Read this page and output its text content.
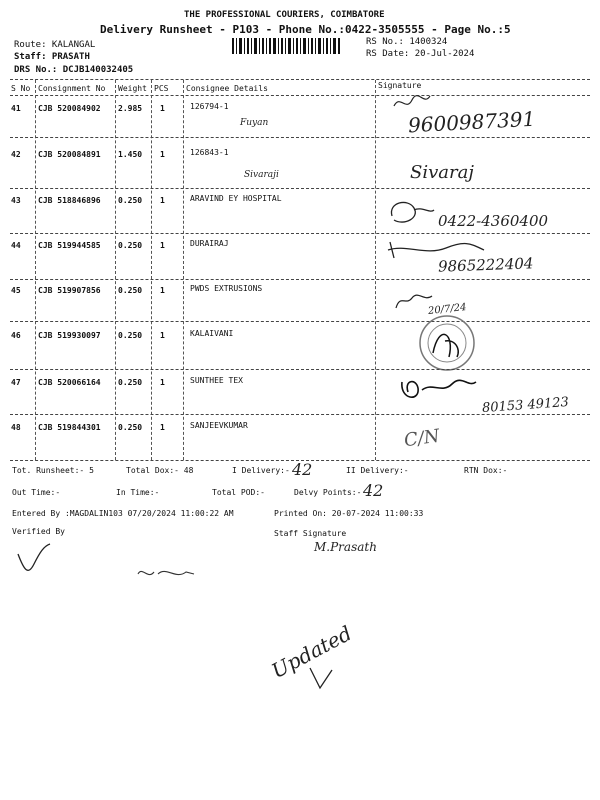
THE PROFESSIONAL COURIERS, COIMBATORE
Delivery Runsheet - P103 - Phone No.:0422-3505555 - Page No.:5
Route: KALANGAL
Staff: PRASATH
DRS No.: DCJB140032405
RS No.: 1400324
RS Date: 20-Jul-2024
S No Consignment No Weight PCS Consignee Details	Signature
41 CJB 520084902 2.985 1	126794-1
Fuyan	9600987391
42 CJB 520084891 1.450 1	126843-1
Sivaraji	Sivaraj
43 CJB 518846896 0.250 1	ARAVIND EY HOSPITAL
0422-4360400
44 CJB 519944585 0.250 1	DURAIRAJ
9865222404
45 CJB 519907856 0.250 1	PWDS EXTRUSIONS
20/7/24
46 CJB 519930097 0.250 1	KALAIVANI
47 CJB 520066164 0.250 1	SUNTHEE TEX
80153 49123
48 CJB 519844301 0.250 1	SANJEEVKUMAR
C/N
Tot. Runsheet:- 5	Total Dox:- 48	I Delivery:- 42	II Delivery:-	RTN Dox:-
Out Time:-	In Time:-	Total POD:-	Delvy Points:- 42
Entered By :MAGDALIN103 07/20/2024 11:00:22 AM	Printed On: 20-07-2024 11:00:33
Verified By	Staff Signature
M.Prasath
Updated
